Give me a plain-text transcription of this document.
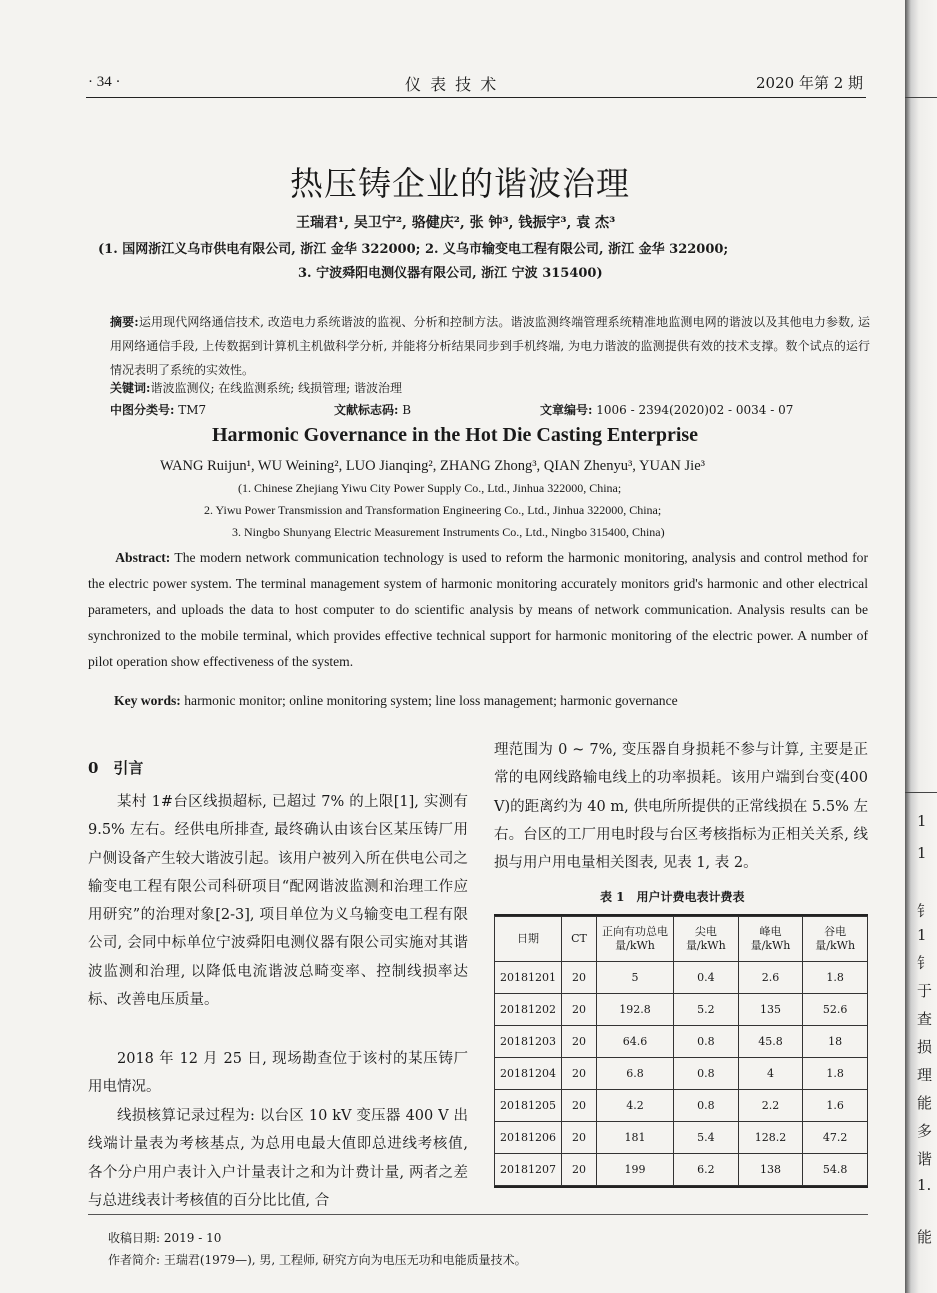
· 34 ·	仪 表 技 术	2020 年第 2 期
热压铸企业的谐波治理
王瑞君¹, 吴卫宁², 骆健庆², 张 钟³, 钱振宇³, 袁 杰³
(1. 国网浙江义乌市供电有限公司, 浙江 金华 322000; 2. 义乌市输变电工程有限公司, 浙江 金华 322000;
3. 宁波舜阳电测仪器有限公司, 浙江 宁波 315400)
摘要:运用现代网络通信技术, 改造电力系统谐波的监视、分析和控制方法。谐波监测终端管理系统精准地监测电网的谐波以及其他电力参数, 运用网络通信手段, 上传数据到计算机主机做科学分析, 并能将分析结果同步到手机终端, 为电力谐波的监测提供有效的技术支撑。数个试点的运行情况表明了系统的实效性。
关键词:谐波监测仪; 在线监测系统; 线损管理; 谐波治理
中图分类号: TM7	文献标志码: B	文章编号: 1006 - 2394(2020)02 - 0034 - 07
Harmonic Governance in the Hot Die Casting Enterprise
WANG Ruijun¹, WU Weining², LUO Jianqing², ZHANG Zhong³, QIAN Zhenyu³, YUAN Jie³
(1. Chinese Zhejiang Yiwu City Power Supply Co., Ltd., Jinhua 322000, China;
2. Yiwu Power Transmission and Transformation Engineering Co., Ltd., Jinhua 322000, China;
3. Ningbo Shunyang Electric Measurement Instruments Co., Ltd., Ningbo 315400, China)
Abstract: The modern network communication technology is used to reform the harmonic monitoring, analysis and control method for the electric power system. The terminal management system of harmonic monitoring accurately monitors grid's harmonic and other electrical parameters, and uploads the data to host computer to do scientific analysis by means of network communication. Analysis results can be synchronized to the mobile terminal, which provides effective technical support for harmonic monitoring of the electric power. A number of pilot operation show effectiveness of the system.
Key words: harmonic monitor; online monitoring system; line loss management; harmonic governance
0　引言
某村 1#台区线损超标, 已超过 7% 的上限[1], 实测有 9.5% 左右。经供电所排查, 最终确认由该台区某压铸厂用户侧设备产生较大谐波引起。该用户被列入所在供电公司之输变电工程有限公司科研项目“配网谐波监测和治理工作应用研究”的治理对象[2-3], 项目单位为义乌输变电工程有限公司, 会同中标单位宁波舜阳电测仪器有限公司实施对其谐波监测和治理, 以降低电流谐波总畸变率、控制线损率达标、改善电压质量。
2018 年 12 月 25 日, 现场勘查位于该村的某压铸厂用电情况。
线损核算记录过程为: 以台区 10 kV 变压器 400 V 出线端计量表为考核基点, 为总用电最大值即总进线考核值, 各个分户用户表计入户计量表计之和为计费计量, 两者之差与总进线表计考核值的百分比比值, 合
理范围为 0 ~ 7%, 变压器自身损耗不参与计算, 主要是正常的电网线路输电线上的功率损耗。该用户端到台变(400 V)的距离约为 40 m, 供电所所提供的正常线损在 5.5% 左右。台区的工厂用电时段与台区考核指标为正相关关系, 线损与用户用电量相关图表, 见表 1, 表 2。
表 1　用户计费电表计费表
日期	CT	正向有功总电量/kWh	尖电量/kWh	峰电量/kWh	谷电量/kWh
20181201	20	5	0.4	2.6	1.8
20181202	20	192.8	5.2	135	52.6
20181203	20	64.6	0.8	45.8	18
20181204	20	6.8	0.8	4	1.8
20181205	20	4.2	0.8	2.2	1.6
20181206	20	181	5.4	128.2	47.2
20181207	20	199	6.2	138	54.8
收稿日期: 2019 - 10
作者简介: 王瑞君(1979—), 男, 工程师, 研究方向为电压无功和电能质量技术。
1
1
钅
1
钅
于
查
损
理
能
多
谐
1.
能
